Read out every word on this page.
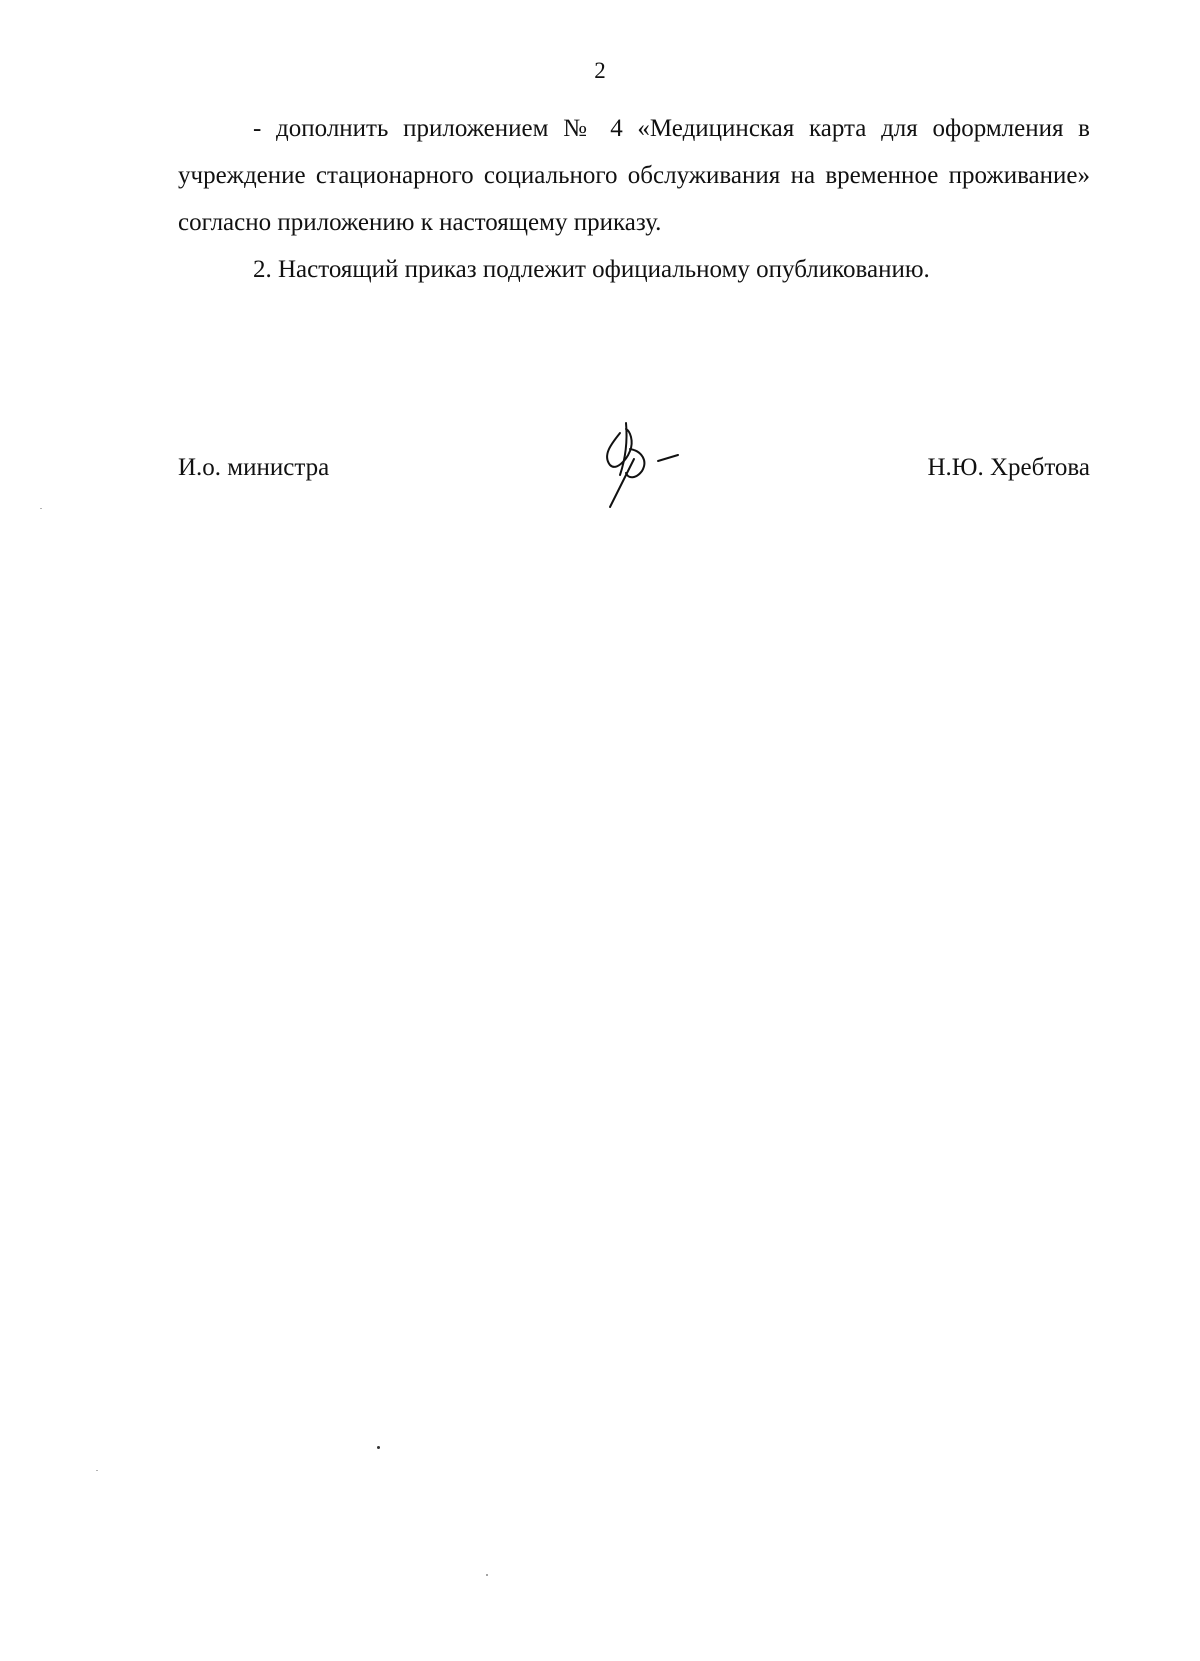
2

- дополнить приложением № 4 «Медицинская карта для оформления в учреждение стационарного социального обслуживания на временное проживание» согласно приложению к настоящему приказу.

2. Настоящий приказ подлежит официальному опубликованию.

И.о. министра	Н.Ю. Хребтова
